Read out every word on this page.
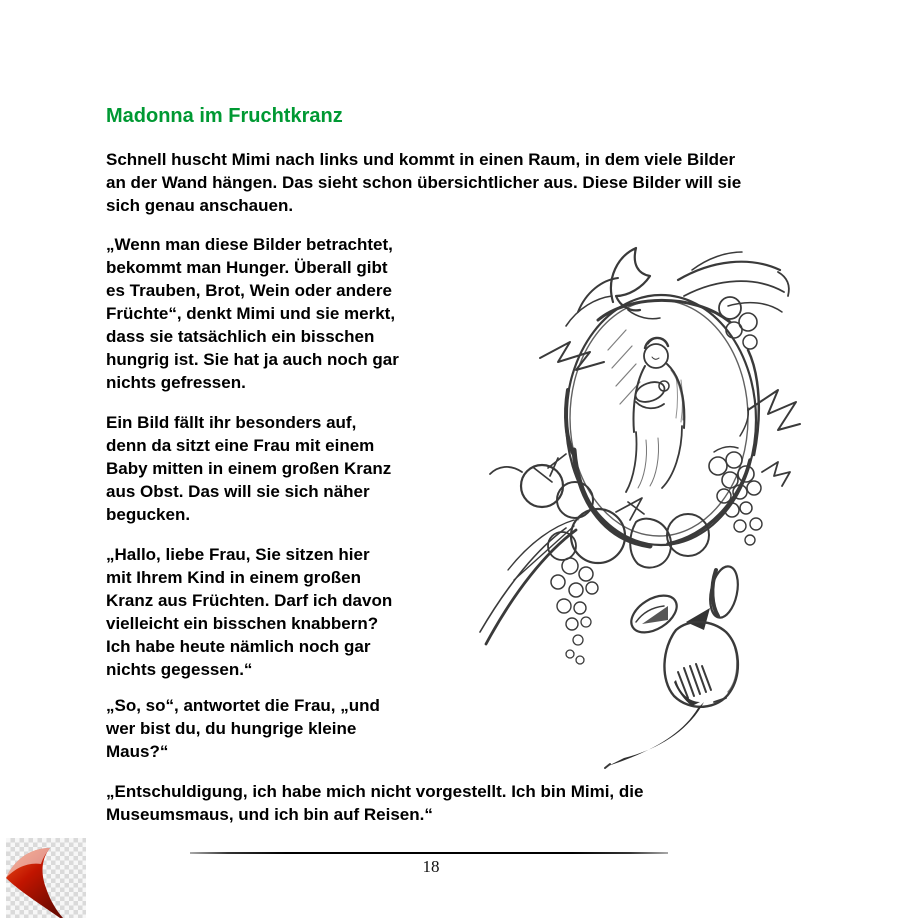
Madonna im Fruchtkranz
Schnell huscht Mimi nach links und kommt in einen Raum, in dem viele Bilder
an der Wand hängen. Das sieht schon übersichtlicher aus. Diese Bilder will sie
sich genau anschauen.
„Wenn man diese Bilder betrachtet,
bekommt man Hunger. Überall gibt
es Trauben, Brot, Wein oder andere
Früchte“, denkt Mimi und sie merkt,
dass sie tatsächlich ein bisschen
hungrig ist. Sie hat ja auch noch gar
nichts gefressen.
Ein Bild fällt ihr besonders auf,
denn da sitzt eine Frau mit einem
Baby mitten in einem großen Kranz
aus Obst. Das will sie sich näher
begucken.
„Hallo, liebe Frau, Sie sitzen hier
mit Ihrem Kind in einem großen
Kranz aus Früchten. Darf ich davon
vielleicht ein bisschen knabbern?
Ich habe heute nämlich noch gar
nichts gegessen.“
„So, so“, antwortet die Frau, „und
wer bist du, du hungrige kleine
Maus?“
„Entschuldigung, ich habe mich nicht vorgestellt. Ich bin Mimi, die
Museumsmaus, und ich bin auf Reisen.“
18
